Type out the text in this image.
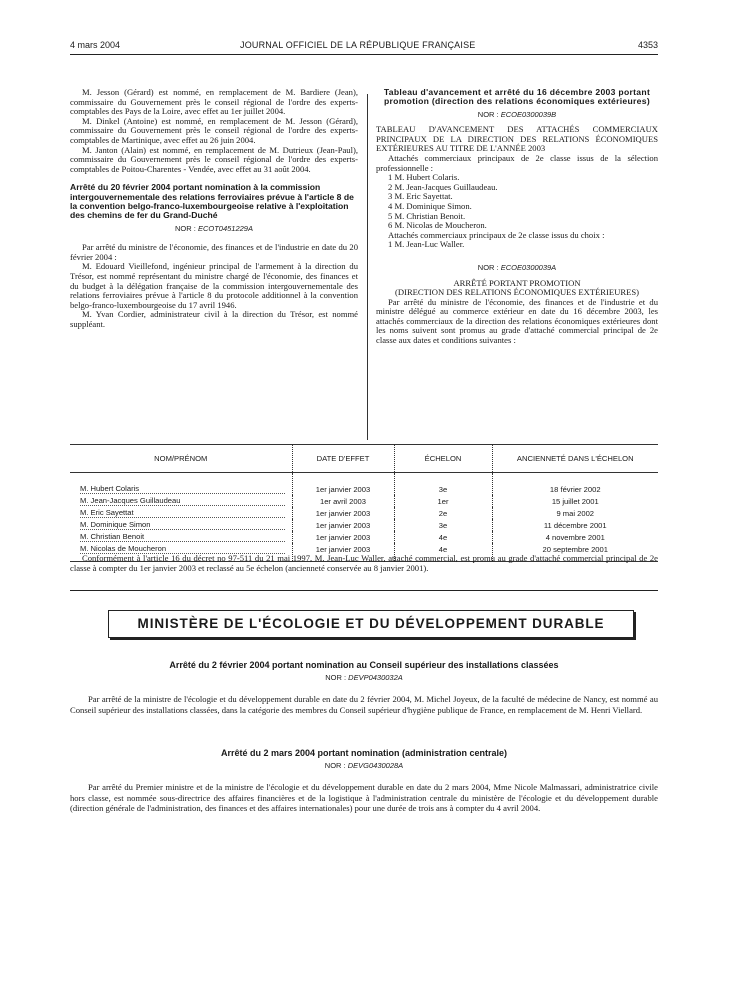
4 mars 2004	JOURNAL OFFICIEL DE LA RÉPUBLIQUE FRANÇAISE	4353

M. Jesson (Gérard) est nommé, en remplacement de M. Bardiere (Jean), commissaire du Gouvernement près le conseil régional de l'ordre des experts-comptables des Pays de la Loire, avec effet au 1er juillet 2004.

M. Dinkel (Antoine) est nommé, en remplacement de M. Jesson (Gérard), commissaire du Gouvernement près le conseil régional de l'ordre des experts-comptables de Martinique, avec effet au 26 juin 2004.

M. Janton (Alain) est nommé, en remplacement de M. Dutrieux (Jean-Paul), commissaire du Gouvernement près le conseil régional de l'ordre des experts-comptables de Poitou-Charentes - Vendée, avec effet au 31 août 2004.

Arrêté du 20 février 2004 portant nomination à la commission intergouvernementale des relations ferroviaires prévue à l'article 8 de la convention belgo-franco-luxembourgeoise relative à l'exploitation des chemins de fer du Grand-Duché
NOR : ECOT0451229A

Par arrêté du ministre de l'économie, des finances et de l'industrie en date du 20 février 2004 :

M. Edouard Vieillefond, ingénieur principal de l'armement à la direction du Trésor, est nommé représentant du ministre chargé de l'économie, des finances et du budget à la délégation française de la commission intergouvernementale des relations ferroviaires prévue à l'article 8 du protocole additionnel à la convention belgo-franco-luxembourgeoise du 17 avril 1946.

M. Yvan Cordier, administrateur civil à la direction du Trésor, est nommé suppléant.

Tableau d'avancement et arrêté du 16 décembre 2003 portant promotion (direction des relations économiques extérieures)
NOR : ECOE0300039B

TABLEAU D'AVANCEMENT DES ATTACHÉS COMMERCIAUX PRINCIPAUX DE LA DIRECTION DES RELATIONS ÉCONOMIQUES EXTÉRIEURES AU TITRE DE L'ANNÉE 2003

Attachés commerciaux principaux de 2e classe issus de la sélection professionnelle :

1 M. Hubert Colaris.
2 M. Jean-Jacques Guillaudeau.
3 M. Eric Sayettat.
4 M. Dominique Simon.
5 M. Christian Benoit.
6 M. Nicolas de Moucheron.

Attachés commerciaux principaux de 2e classe issus du choix :

1 M. Jean-Luc Waller.
NOR : ECOE0300039A
ARRÊTÉ PORTANT PROMOTION
(DIRECTION DES RELATIONS ÉCONOMIQUES EXTÉRIEURES)

Par arrêté du ministre de l'économie, des finances et de l'industrie et du ministre délégué au commerce extérieur en date du 16 décembre 2003, les attachés commerciaux de la direction des relations économiques extérieures dont les noms suivent sont promus au grade d'attaché commercial principal de 2e classe aux dates et conditions suivantes :

NOM/PRÉNOM	DATE D'EFFET	ÉCHELON	ANCIENNETÉ DANS L'ÉCHELON
M. Hubert Colaris	1er janvier 2003	3e	18 février 2002
M. Jean-Jacques Guillaudeau	1er avril 2003	1er	15 juillet 2001
M. Eric Sayettat	1er janvier 2003	2e	9 mai 2002
M. Dominique Simon	1er janvier 2003	3e	11 décembre 2001
M. Christian Benoit	1er janvier 2003	4e	4 novembre 2001
M. Nicolas de Moucheron	1er janvier 2003	4e	20 septembre 2001

Conformément à l'article 16 du décret no 97-511 du 21 mai 1997, M. Jean-Luc Waller, attaché commercial, est promu au grade d'attaché commercial principal de 2e classe à compter du 1er janvier 2003 et reclassé au 5e échelon (ancienneté conservée au 8 janvier 2001).

MINISTÈRE DE L'ÉCOLOGIE ET DU DÉVELOPPEMENT DURABLE
Arrêté du 2 février 2004 portant nomination au Conseil supérieur des installations classées
NOR : DEVP0430032A

Par arrêté de la ministre de l'écologie et du développement durable en date du 2 février 2004, M. Michel Joyeux, de la faculté de médecine de Nancy, est nommé au Conseil supérieur des installations classées, dans la catégorie des membres du Conseil supérieur d'hygiène publique de France, en remplacement de M. Henri Viellard.

Arrêté du 2 mars 2004 portant nomination (administration centrale)
NOR : DEVG0430028A

Par arrêté du Premier ministre et de la ministre de l'écologie et du développement durable en date du 2 mars 2004, Mme Nicole Malmassari, administratrice civile hors classe, est nommée sous-directrice des affaires financières et de la logistique à l'administration centrale du ministère de l'écologie et du développement durable (direction générale de l'administration, des finances et des affaires internationales) pour une durée de trois ans à compter du 4 avril 2004.
